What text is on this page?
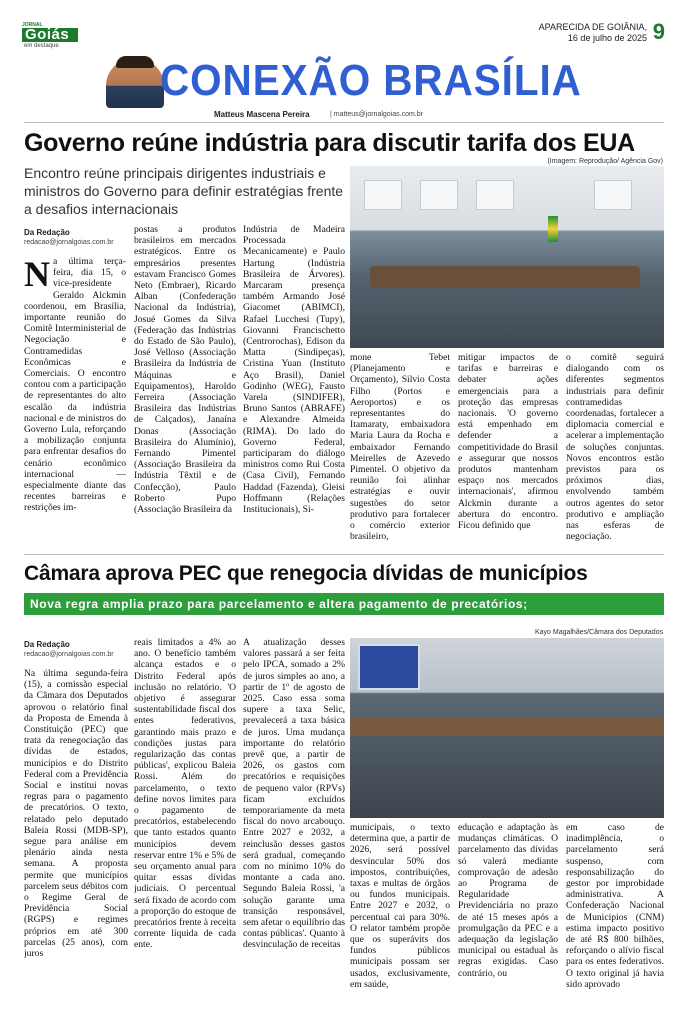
JORNAL
Goiás
em destaque
APARECIDA DE GOIÂNIA,
16 de julho de 2025 9
CONEXÃO BRASÍLIA
Matteus Mascena Pereira	| matteus@jornalgoias.com.br
Governo reúne indústria para discutir tarifa dos EUA
Encontro reúne principais dirigentes industriais e ministros do Governo para definir estratégias frente a desafios internacionais
(Imagem: Reprodução/ Agência Gov)
Da Redação
redacao@jornalgoias.com.br
Na última terça-feira, dia 15, o vice-presidente Geraldo Alckmin coordenou, em Brasília, importante reunião do Comitê Interministerial de Negociação e Contramedidas Econômicas e Comerciais. O encontro contou com a participação de representantes do alto escalão da indústria nacional e de ministros do Governo Lula, reforçando a mobilização conjunta para enfrentar desafios do cenário econômico internacional — especialmente diante das recentes barreiras e restrições im-
postas a produtos brasileiros em mercados estratégicos. Entre os empresários presentes estavam Francisco Gomes Neto (Embraer), Ricardo Alban (Confederação Nacional da Indústria), Josué Gomes da Silva (Federação das Indústrias do Estado de São Paulo), José Velloso (Associação Brasileira da Indústria de Máquinas e Equipamentos), Haroldo Ferreira (Associação Brasileira das Indústrias de Calçados), Janaína Donas (Associação Brasileira do Alumínio), Fernando Pimentel (Associação Brasileira da Indústria Têxtil e de Confecção), Paulo Roberto Pupo (Associação Brasileira da
Indústria de Madeira Processada Mecanicamente) e Paulo Hartung (Indústria Brasileira de Árvores). Marcaram presença também Armando José Giacomet (ABIMCI), Rafael Lucchesi (Tupy), Giovanni Francischetto (Centrorochas), Edison da Matta (Sindipeças), Cristina Yuan (Instituto Aço Brasil), Daniel Godinho (WEG), Fausto Varela (SINDIFER), Bruno Santos (ABRAFE) e Alexandre Almeida (RIMA). Do lado do Governo Federal, participaram do diálogo ministros como Rui Costa (Casa Civil), Fernando Haddad (Fazenda), Gleisi Hoffmann (Relações Institucionais), Si-
mone Tebet (Planejamento e Orçamento), Silvio Costa Filho (Portos e Aeroportos) e os representantes do Itamaraty, embaixadora Maria Laura da Rocha e embaixador Fernando Meirelles de Azevedo Pimentel. O objetivo da reunião foi alinhar estratégias e ouvir sugestões do setor produtivo para fortalecer o comércio exterior brasileiro,
mitigar impactos de tarifas e barreiras e debater ações emergenciais para a proteção das empresas nacionais. 'O governo está empenhado em defender a competitividade do Brasil e assegurar que nossos produtos mantenham espaço nos mercados internacionais', afirmou Alckmin durante a abertura do encontro. Ficou definido que
o comitê seguirá dialogando com os diferentes segmentos industriais para definir contramedidas coordenadas, fortalecer a diplomacia comercial e acelerar a implementação de soluções conjuntas. Novos encontros estão previstos para os próximos dias, envolvendo também outros agentes do setor produtivo e ampliação nas esferas de negociação.
Câmara aprova PEC que renegocia dívidas de municípios
Nova regra amplia prazo para parcelamento e altera pagamento de precatórios;
Kayo Magalhães/Câmara dos Deputados
Da Redação
redacao@jornalgoias.com.br
Na última segunda-feira (15), a comissão especial da Câmara dos Deputados aprovou o relatório final da Proposta de Emenda à Constituição (PEC) que trata da renegociação das dívidas de estados, municípios e do Distrito Federal com a Previdência Social e institui novas regras para o pagamento de precatórios. O texto, relatado pelo deputado Baleia Rossi (MDB-SP), segue para análise em plenário ainda nesta semana. A proposta permite que municípios parcelem seus débitos com o Regime Geral de Previdência Social (RGPS) e regimes próprios em até 300 parcelas (25 anos), com juros
reais limitados a 4% ao ano. O benefício também alcança estados e o Distrito Federal após inclusão no relatório. 'O objetivo é assegurar sustentabilidade fiscal dos entes federativos, garantindo mais prazo e condições justas para regularização das contas públicas', explicou Baleia Rossi. Além do parcelamento, o texto define novos limites para o pagamento de precatórios, estabelecendo que tanto estados quanto municípios devem reservar entre 1% e 5% de seu orçamento anual para quitar essas dívidas judiciais. O percentual será fixado de acordo com a proporção do estoque de precatórios frente à receita corrente líquida de cada ente.
A atualização desses valores passará a ser feita pelo IPCA, somado a 2% de juros simples ao ano, a partir de 1º de agosto de 2025. Caso essa soma supere a taxa Selic, prevalecerá a taxa básica de juros. Uma mudança importante do relatório prevê que, a partir de 2026, os gastos com precatórios e requisições de pequeno valor (RPVs) ficam excluídos temporariamente da meta fiscal do novo arcabouço. Entre 2027 e 2032, a reinclusão desses gastos será gradual, começando com no mínimo 10% do montante a cada ano. Segundo Baleia Rossi, 'a solução garante uma transição responsável, sem afetar o equilíbrio das contas públicas'. Quanto à desvinculação de receitas
municipais, o texto determina que, a partir de 2026, será possível desvincular 50% dos impostos, contribuições, taxas e multas de órgãos ou fundos municipais. Entre 2027 e 2032, o percentual cai para 30%. O relator também propõe que os superávits dos fundos públicos municipais possam ser usados, exclusivamente, em saúde,
educação e adaptação às mudanças climáticas. O parcelamento das dívidas só valerá mediante comprovação de adesão ao Programa de Regularidade Previdenciária no prazo de até 15 meses após a promulgação da PEC e a adequação da legislação municipal ou estadual às regras exigidas. Caso contrário, ou
em caso de inadimplência, o parcelamento será suspenso, com responsabilização do gestor por improbidade administrativa. A Confederação Nacional de Municípios (CNM) estima impacto positivo de até R$ 800 bilhões, reforçando o alívio fiscal para os entes federativos. O texto original já havia sido aprovado
